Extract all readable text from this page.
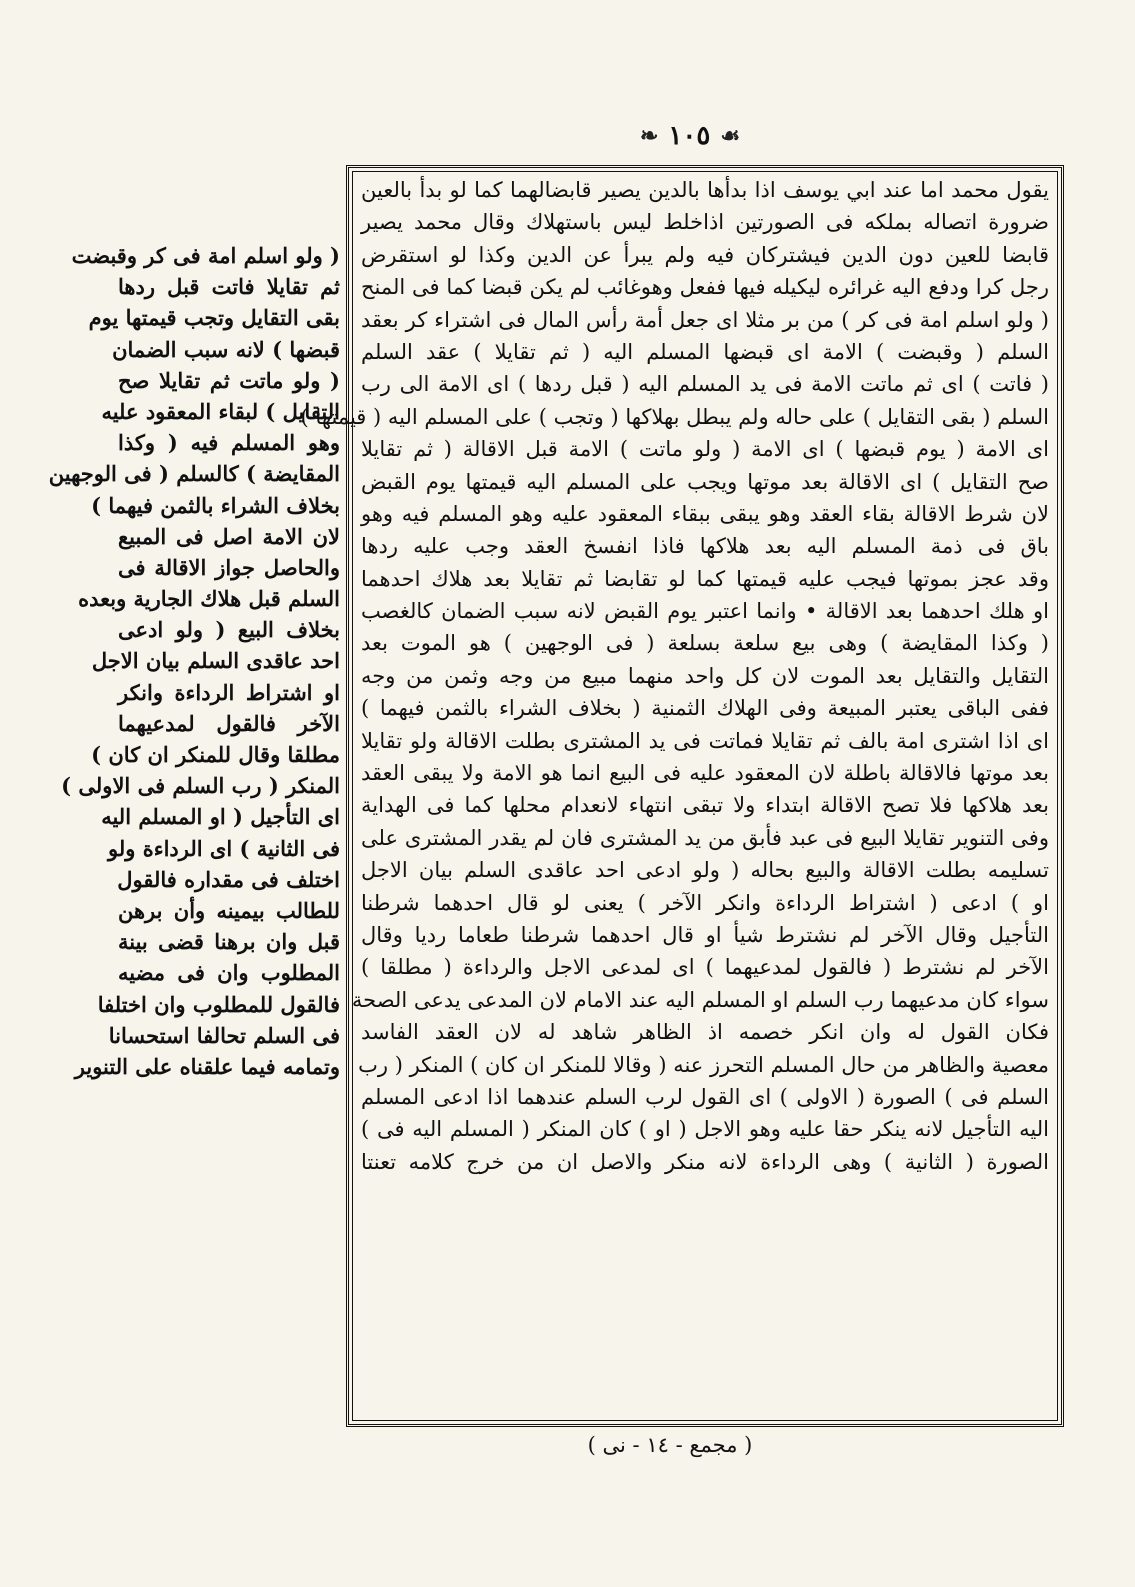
☙
١٠٥
❧
يقول محمد اما عند ابي يوسف اذا بدأها بالدين يصير قابضالهما كما لو بدأ بالعين
ضرورة اتصاله بملكه فى الصورتين اذاخلط ليس باستهلاك وقال محمد يصير
قابضا للعين دون الدين فيشتركان فيه ولم يبرأ عن الدين وكذا لو استقرض
رجل كرا ودفع اليه غرائره ليكيله فيها ففعل وهوغائب لم يكن قبضا كما فى المنح
( ولو اسلم امة فى كر ) من بر مثلا اى جعل أمة رأس المال فى اشتراء كر بعقد
السلم ( وقبضت ) الامة اى قبضها المسلم اليه ( ثم تقايلا ) عقد السلم
( فاتت ) اى ثم ماتت الامة فى يد المسلم اليه ( قبل ردها ) اى الامة الى رب
السلم ( بقى التقايل ) على حاله ولم يبطل بهلاكها ( وتجب ) على المسلم اليه ( قيمتها )
اى الامة ( يوم قبضها ) اى الامة ( ولو ماتت ) الامة قبل الاقالة ( ثم تقايلا
صح التقايل ) اى الاقالة بعد موتها ويجب على المسلم اليه قيمتها يوم القبض
لان شرط الاقالة بقاء العقد وهو يبقى ببقاء المعقود عليه وهو المسلم فيه وهو
باق فى ذمة المسلم اليه بعد هلاكها فاذا انفسخ العقد وجب عليه ردها
وقد عجز بموتها فيجب عليه قيمتها كما لو تقابضا ثم تقايلا بعد هلاك احدهما
او هلك احدهما بعد الاقالة • وانما اعتبر يوم القبض لانه سبب الضمان كالغصب
( وكذا المقايضة ) وهى بيع سلعة بسلعة ( فى الوجهين ) هو الموت بعد
التقايل والتقايل بعد الموت لان كل واحد منهما مبيع من وجه وثمن من وجه
ففى الباقى يعتبر المبيعة وفى الهلاك الثمنية ( بخلاف الشراء بالثمن فيهما )
اى اذا اشترى امة بالف ثم تقايلا فماتت فى يد المشترى بطلت الاقالة ولو تقايلا
بعد موتها فالاقالة باطلة لان المعقود عليه فى البيع انما هو الامة ولا يبقى العقد
بعد هلاكها فلا تصح الاقالة ابتداء ولا تبقى انتهاء لانعدام محلها كما فى الهداية
وفى التنوير تقايلا البيع فى عبد فأبق من يد المشترى فان لم يقدر المشترى على
تسليمه بطلت الاقالة والبيع بحاله ( ولو ادعى احد عاقدى السلم بيان الاجل
او ) ادعى ( اشتراط الرداءة وانكر الآخر ) يعنى لو قال احدهما شرطنا
التأجيل وقال الآخر لم نشترط شيأ او قال احدهما شرطنا طعاما رديا وقال
الآخر لم نشترط ( فالقول لمدعيهما ) اى لمدعى الاجل والرداءة ( مطلقا )
سواء كان مدعيهما رب السلم او المسلم اليه عند الامام لان المدعى يدعى الصحة
فكان القول له وان انكر خصمه اذ الظاهر شاهد له لان العقد الفاسد
معصية والظاهر من حال المسلم التحرز عنه ( وقالا للمنكر ان كان ) المنكر ( رب
السلم فى ) الصورة ( الاولى ) اى القول لرب السلم عندهما اذا ادعى المسلم
اليه التأجيل لانه ينكر حقا عليه وهو الاجل ( او ) كان المنكر ( المسلم اليه فى )
الصورة ( الثانية ) وهى الرداءة لانه منكر والاصل ان من خرج كلامه تعنتا
( ولو اسلم امة فى كر وقبضت
ثم تقايلا فاتت قبل ردها
بقى التقايل وتجب قيمتها يوم
قبضها ) لانه سبب الضمان
( ولو ماتت ثم تقايلا صح
التقايل ) لبقاء المعقود عليه
وهو المسلم فيه ( وكذا
المقايضة ) كالسلم ( فى الوجهين
بخلاف الشراء بالثمن فيهما )
لان الامة اصل فى المبيع
والحاصل جواز الاقالة فى
السلم قبل هلاك الجارية وبعده
بخلاف البيع ( ولو ادعى
احد عاقدى السلم بيان الاجل
او اشتراط الرداءة وانكر
الآخر فالقول لمدعيهما
مطلقا وقال للمنكر ان كان )
المنكر ( رب السلم فى الاولى )
اى التأجيل ( او المسلم اليه
فى الثانية ) اى الرداءة ولو
اختلف فى مقداره فالقول
للطالب بيمينه وأن برهن
قبل وان برهنا قضى بينة
المطلوب وان فى مضيه
فالقول للمطلوب وان اختلفا
فى السلم تحالفا استحسانا
وتمامه فيما علقناه على التنوير
( مجمع - ١٤ - نى )
